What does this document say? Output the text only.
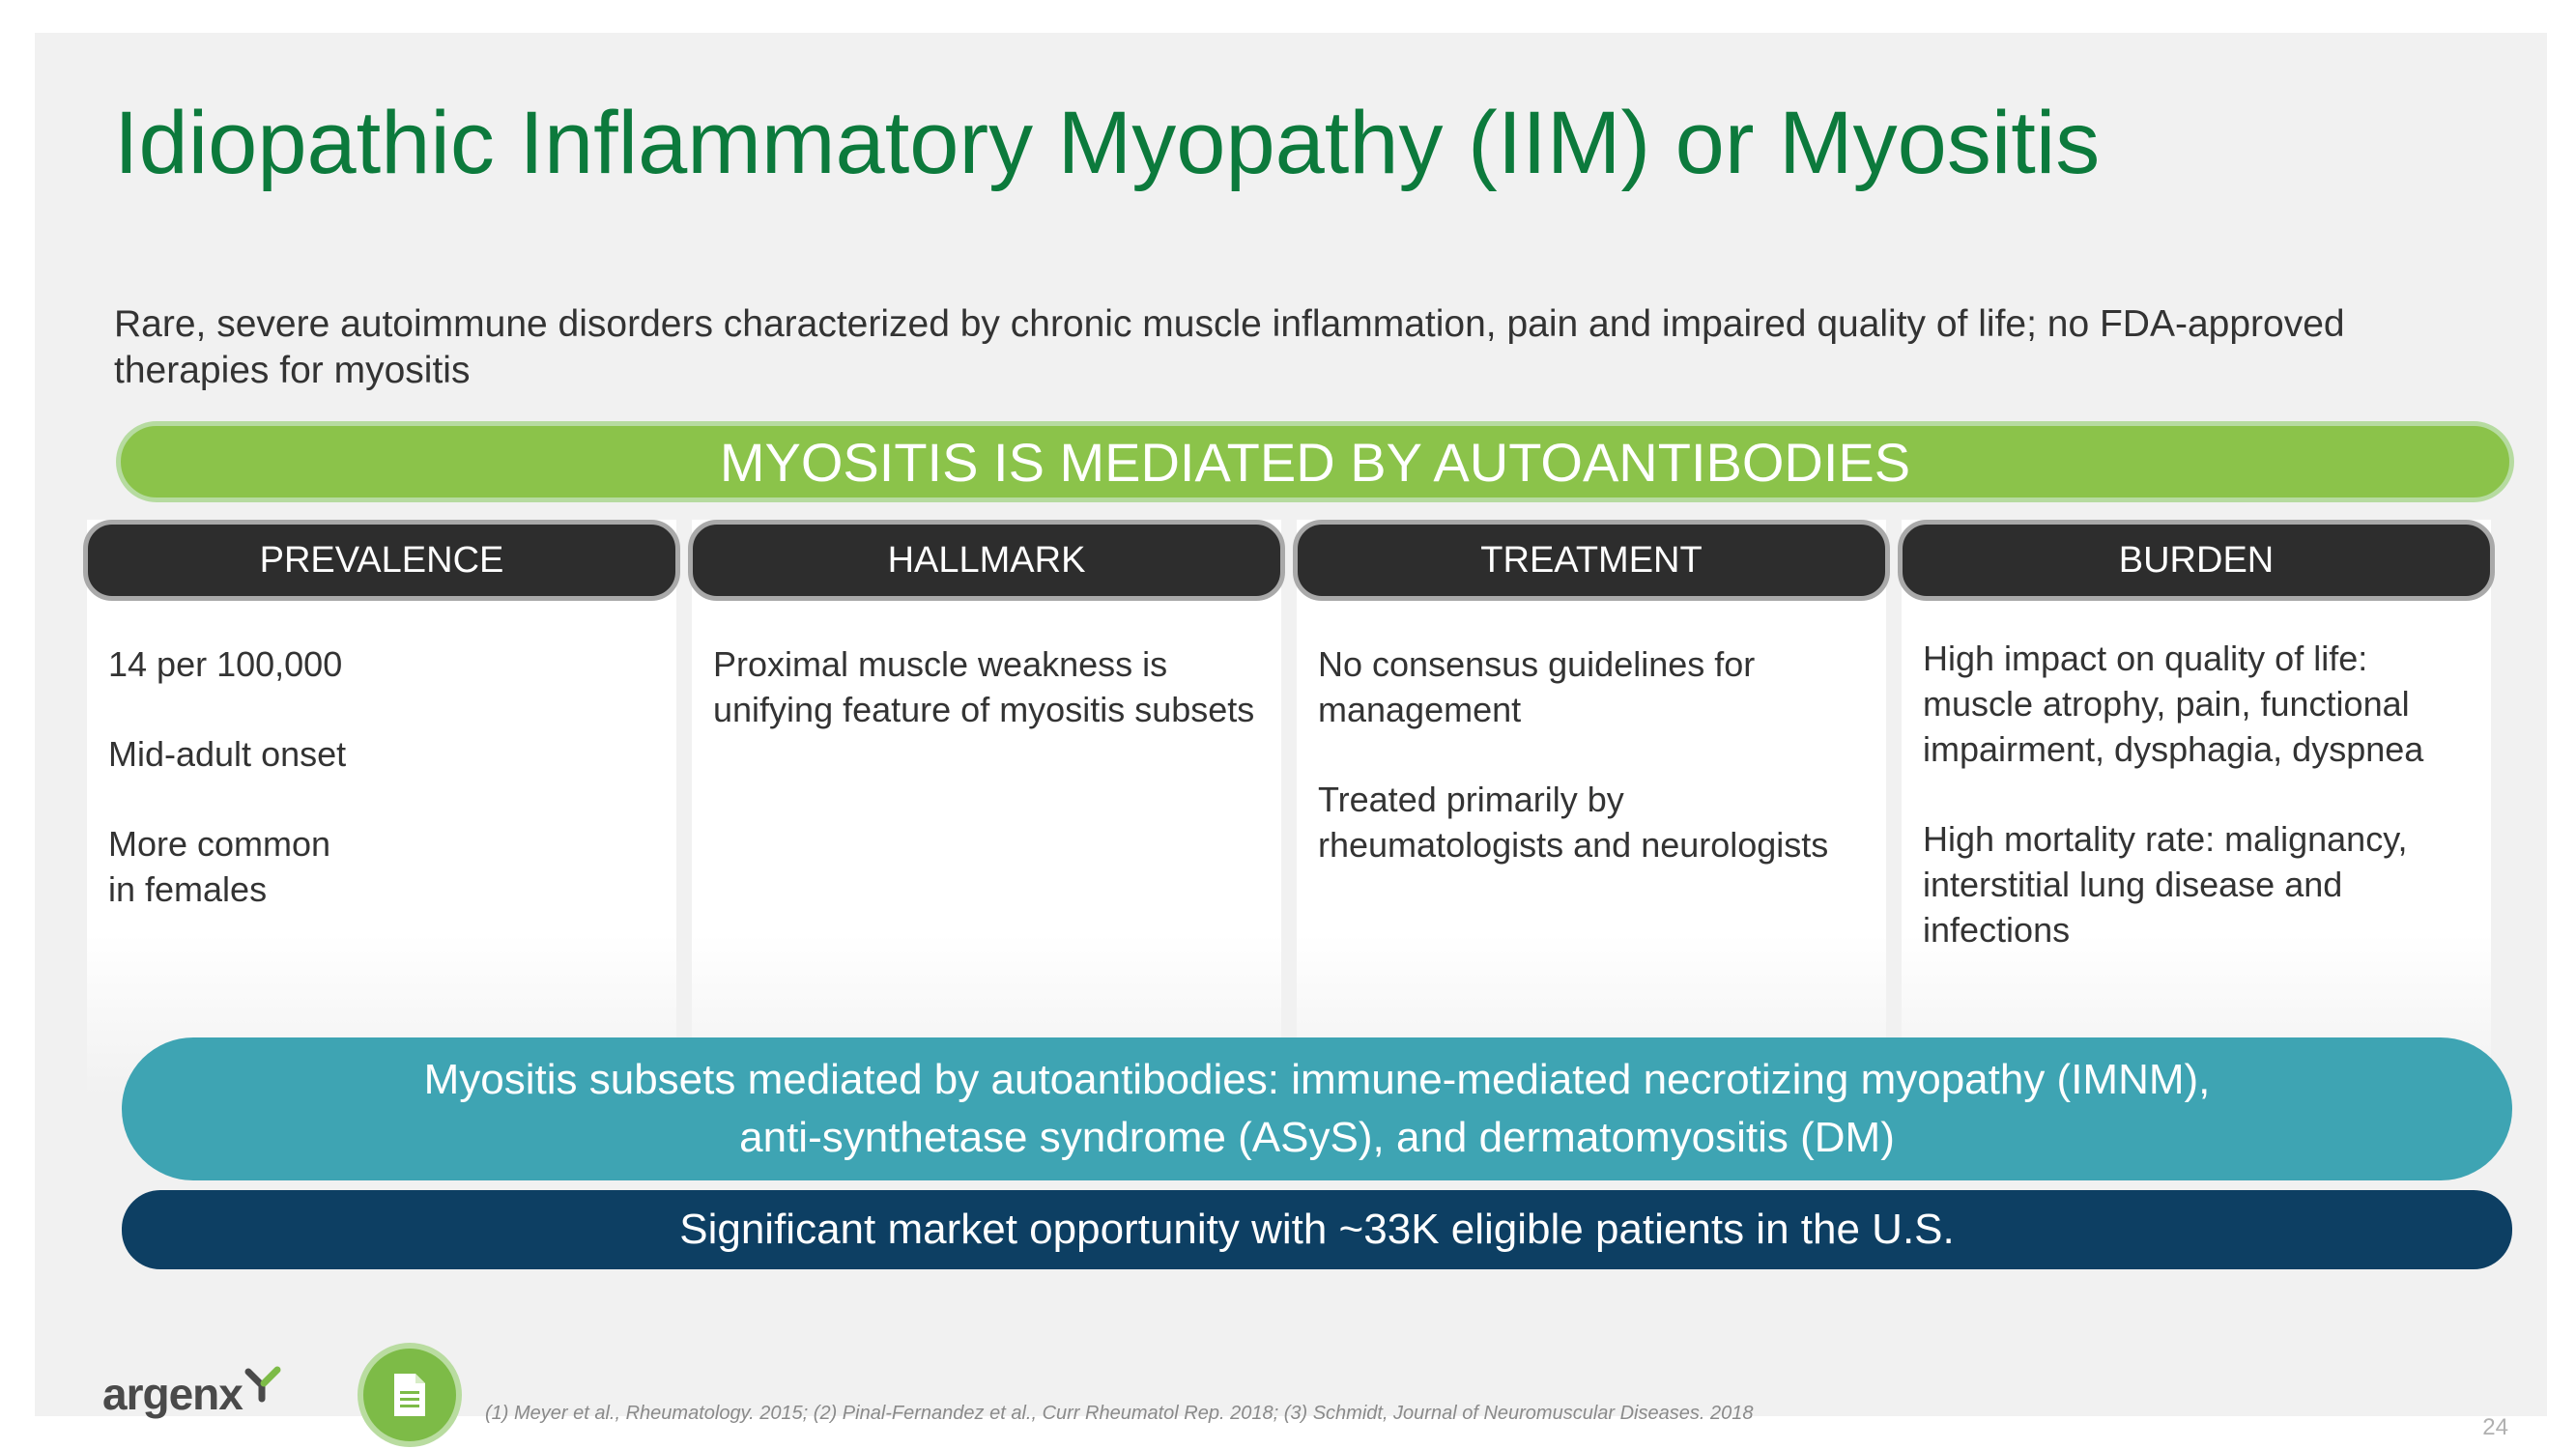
Idiopathic Inflammatory Myopathy (IIM) or Myositis
Rare, severe autoimmune disorders characterized by chronic muscle inflammation, pain and impaired quality of life; no FDA-approved therapies for myositis
MYOSITIS IS MEDIATED BY AUTOANTIBODIES
PREVALENCE

14 per 100,000

Mid-adult onset

More common
in females

HALLMARK

Proximal muscle weakness is unifying feature of myositis subsets

TREATMENT

No consensus guidelines for management

Treated primarily by rheumatologists and neurologists

BURDEN

High impact on quality of life: muscle atrophy, pain, functional impairment, dysphagia, dyspnea

High mortality rate: malignancy, interstitial lung disease and infections

Myositis subsets mediated by autoantibodies: immune-mediated necrotizing myopathy (IMNM),
anti-synthetase syndrome (ASyS), and dermatomyositis (DM)
Significant market opportunity with ~33K eligible patients in the U.S.
argenx	(1) Meyer et al., Rheumatology. 2015; (2) Pinal-Fernandez et al., Curr Rheumatol Rep. 2018; (3) Schmidt, Journal of Neuromuscular Diseases. 2018
24
